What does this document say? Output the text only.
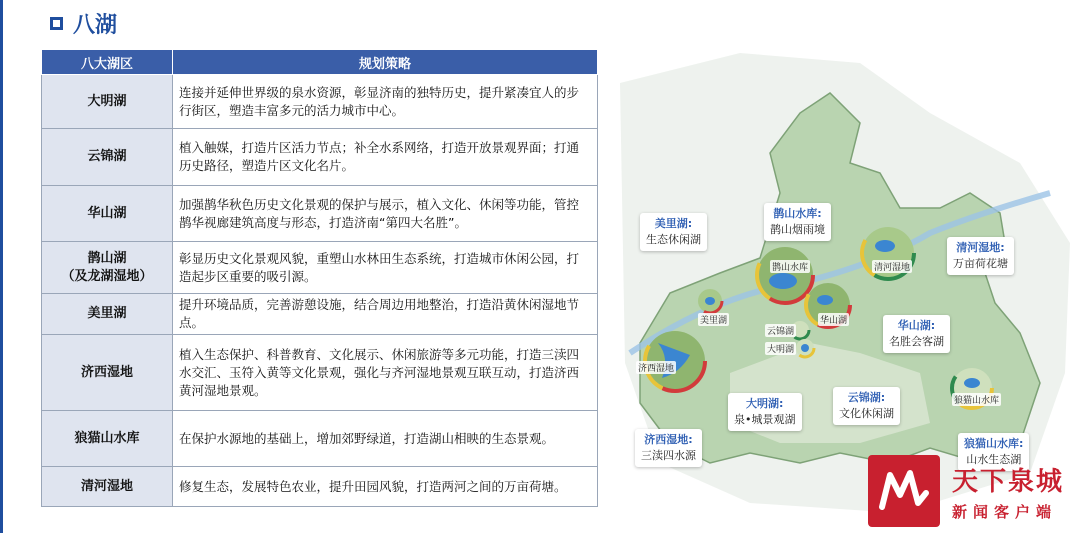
八湖
八大湖区	规划策略
大明湖	连接并延伸世界级的泉水资源，彰显济南的独特历史，提升紧凑宜人的步行街区，塑造丰富多元的活力城市中心。
云锦湖	植入触媒，打造片区活力节点；补全水系网络，打造开放景观界面；打通历史路径，塑造片区文化名片。
华山湖	加强鹊华秋色历史文化景观的保护与展示，植入文化、休闲等功能，管控鹊华视廊建筑高度与形态，打造济南“第四大名胜”。
鹊山湖
（及龙湖湿地）	彰显历史文化景观风貌，重塑山水林田生态系统，打造城市休闲公园，打造起步区重要的吸引源。
美里湖	提升环境品质，完善游憩设施，结合周边用地整治，打造沿黄休闲湿地节点。
济西湿地	植入生态保护、科普教育、文化展示、休闲旅游等多元功能，打造三渎四水交汇、玉符入黄等文化景观，强化与齐河湿地景观互联互动，打造济西黄河湿地景观。
狼猫山水库	在保护水源地的基础上，增加郊野绿道，打造湖山相映的生态景观。
清河湿地	修复生态，发展特色农业，提升田园风貌，打造两河之间的万亩荷塘。
鹊山水库	清河湿地
美里湖	华山湖
云锦湖
大明湖
济西湿地
狼猫山水库
美里湖:
生态休闲湖
鹊山水库:
鹊山烟雨境
清河湿地:
万亩荷花塘
华山湖:
名胜会客湖
大明湖:
泉•城景观湖
云锦湖:
文化休闲湖
济西湿地:
三渎四水源
狼猫山水库:
山水生态湖
天下泉城
新闻客户端
